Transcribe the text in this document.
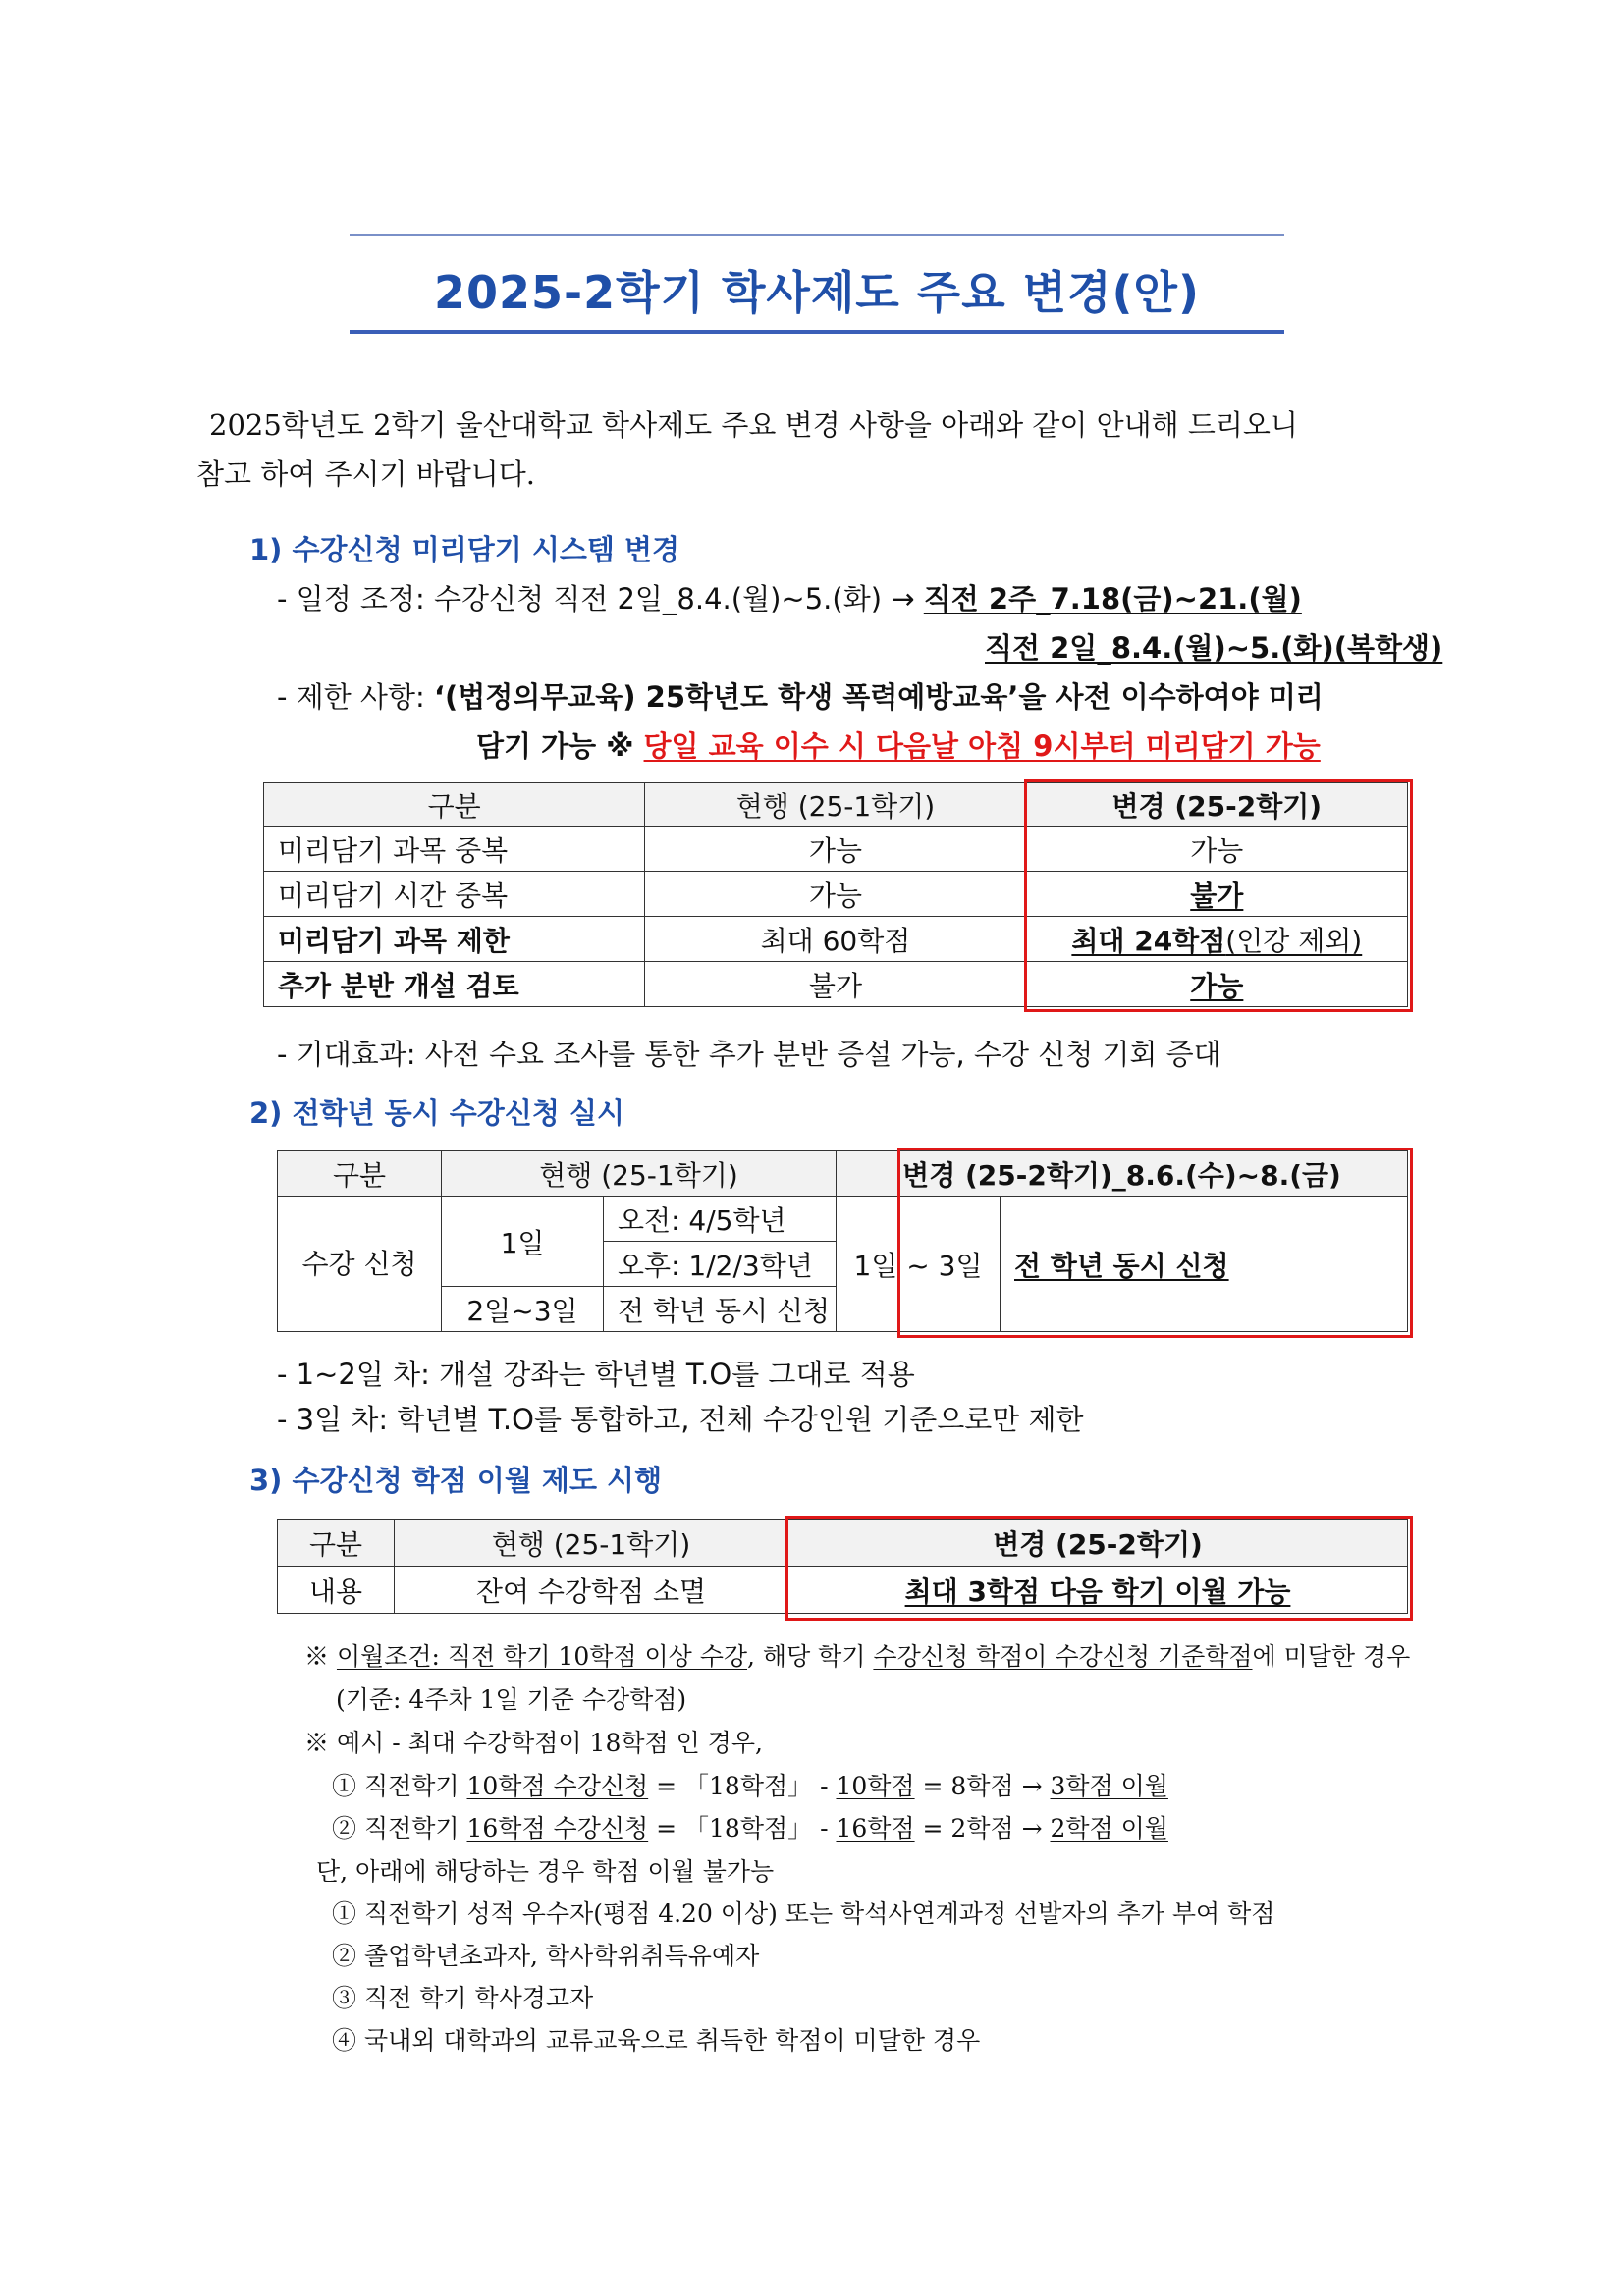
2025-2학기 학사제도 주요 변경(안)
2025학년도 2학기 울산대학교 학사제도 주요 변경 사항을 아래와 같이 안내해 드리오니
참고 하여 주시기 바랍니다.
1) 수강신청 미리담기 시스템 변경
- 일정 조정: 수강신청 직전 2일_8.4.(월)~5.(화) → 직전 2주_7.18(금)~21.(월)
직전 2일_8.4.(월)~5.(화)(복학생)
- 제한 사항: ‘(법정의무교육) 25학년도 학생 폭력예방교육’을 사전 이수하여야 미리
담기 가능 ※ 당일 교육 이수 시 다음날 아침 9시부터 미리담기 가능
구분	현행 (25-1학기)	변경 (25-2학기)
미리담기 과목 중복	가능	가능
미리담기 시간 중복	가능	불가
미리담기 과목 제한	최대 60학점	최대 24학점(인강 제외)
추가 분반 개설 검토	불가	가능
- 기대효과: 사전 수요 조사를 통한 추가 분반 증설 가능, 수강 신청 기회 증대
2) 전학년 동시 수강신청 실시
구분	현행 (25-1학기)		변경 (25-2학기)_8.6.(수)~8.(금)	
수강 신청	1일	오전: 4/5학년	1일 ~ 3일	전 학년 동시 신청
		오후: 1/2/3학년		
	2일~3일	전 학년 동시 신청		
- 1~2일 차: 개설 강좌는 학년별 T.O를 그대로 적용
- 3일 차: 학년별 T.O를 통합하고, 전체 수강인원 기준으로만 제한
3) 수강신청 학점 이월 제도 시행
구분	현행 (25-1학기)	변경 (25-2학기)
내용	잔여 수강학점 소멸	최대 3학점 다음 학기 이월 가능
※ 이월조건: 직전 학기 10학점 이상 수강, 해당 학기 수강신청 학점이 수강신청 기준학점에 미달한 경우
(기준: 4주차 1일 기준 수강학점)
※ 예시 - 최대 수강학점이 18학점 인 경우,
① 직전학기 10학점 수강신청 = 「18학점」 - 10학점 = 8학점 → 3학점 이월
② 직전학기 16학점 수강신청 = 「18학점」 - 16학점 = 2학점 → 2학점 이월
단, 아래에 해당하는 경우 학점 이월 불가능
① 직전학기 성적 우수자(평점 4.20 이상) 또는 학석사연계과정 선발자의 추가 부여 학점
② 졸업학년초과자, 학사학위취득유예자
③ 직전 학기 학사경고자
④ 국내외 대학과의 교류교육으로 취득한 학점이 미달한 경우
